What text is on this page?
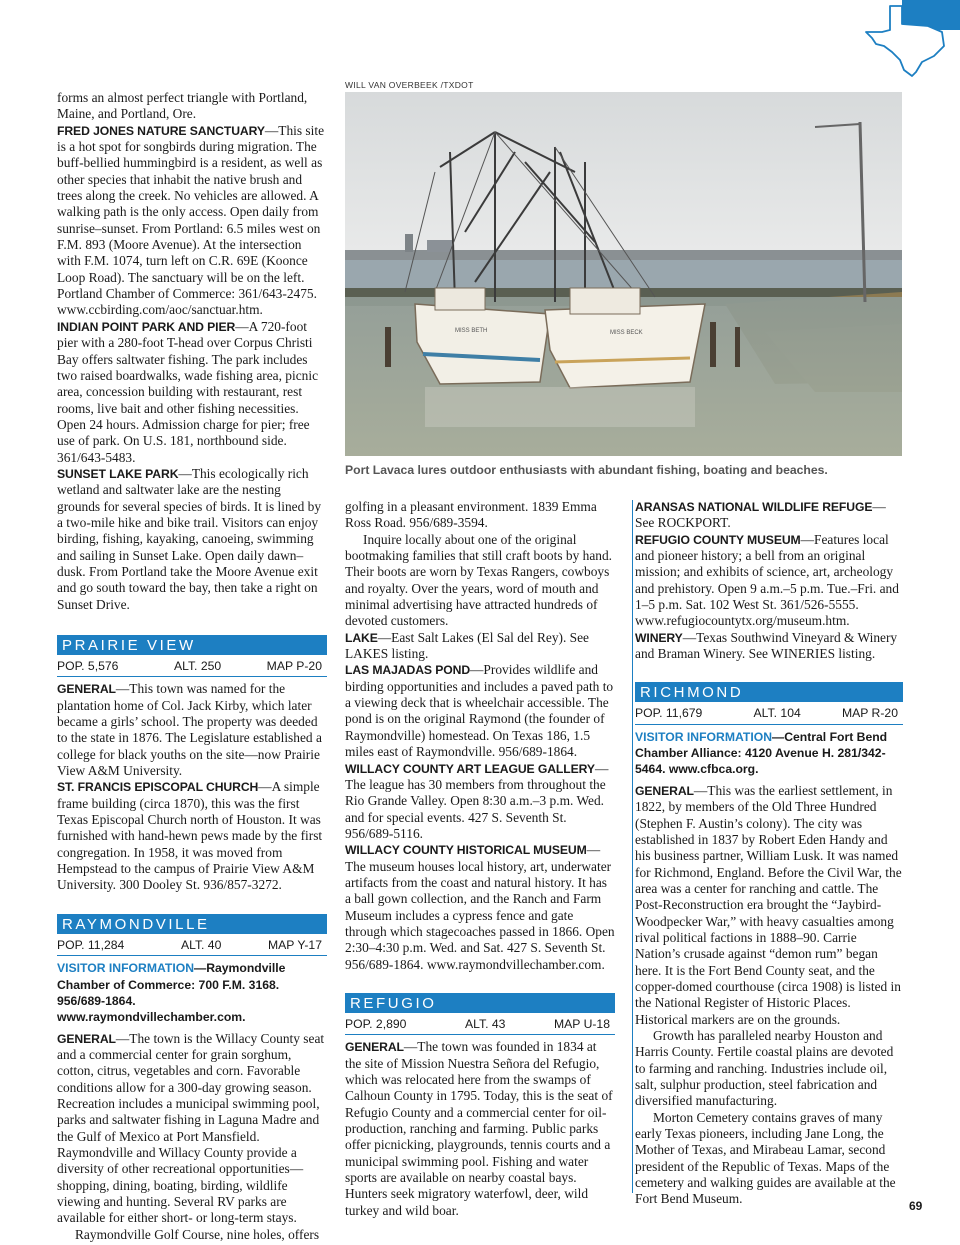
WILL VAN OVERBEEK /TXDOT
MISS BETH	MISS BECK
Port Lavaca lures outdoor enthusiasts with abundant fishing, boating and beaches.

forms an almost perfect triangle with Portland, Maine, and Portland, Ore.

FRED JONES NATURE SANCTUARY—This site is a hot spot for songbirds during migration. The buff-bellied hummingbird is a resident, as well as other species that inhabit the native brush and trees along the creek. No vehicles are allowed. A walking path is the only access. Open daily from sunrise–sunset. From Portland: 6.5 miles west on F.M. 893 (Moore Avenue). At the intersection with F.M. 1074, turn left on C.R. 69E (Koonce Loop Road). The sanctuary will be on the left. Portland Chamber of Commerce: 361/643-2475. www.ccbirding.com/aoc/sanctuar.htm.

INDIAN POINT PARK AND PIER—A 720-foot pier with a 280-foot T-head over Corpus Christi Bay offers saltwater fishing. The park includes two raised boardwalks, wade fishing area, picnic area, concession building with restaurant, rest rooms, live bait and other fishing necessities. Open 24 hours. Admission charge for pier; free use of park. On U.S. 181, northbound side. 361/643-5483.

SUNSET LAKE PARK—This ecologically rich wetland and saltwater lake are the nesting grounds for several species of birds. It is lined by a two-mile hike and bike trail. Visitors can enjoy birding, fishing, kayaking, canoeing, swimming and sailing in Sunset Lake. Open daily dawn–dusk. From Portland take the Moore Avenue exit and go south toward the bay, then take a right on Sunset Drive.

PRAIRIE VIEW
POP. 5,576	ALT. 250	MAP P-20

GENERAL—This town was named for the plantation home of Col. Jack Kirby, which later became a girls’ school. The property was deeded to the state in 1876. The Legislature established a college for black youths on the site—now Prairie View A&M University.

ST. FRANCIS EPISCOPAL CHURCH—A simple frame building (circa 1870), this was the first Texas Episcopal Church north of Houston. It was furnished with hand-hewn pews made by the first congregation. In 1958, it was moved from Hempstead to the campus of Prairie View A&M University. 300 Dooley St. 936/857-3272.

RAYMONDVILLE
POP. 11,284	ALT. 40	MAP Y-17

VISITOR INFORMATION—Raymondville Chamber of Commerce: 700 F.M. 3168. 956/689-1864. www.raymondvillechamber.com.

GENERAL—The town is the Willacy County seat and a commercial center for grain sorghum, cotton, citrus, vegetables and corn. Favorable conditions allow for a 300-day growing season. Recreation includes a municipal swimming pool, parks and saltwater fishing in Laguna Madre and the Gulf of Mexico at Port Mansfield. Raymondville and Willacy County provide a diversity of other recreational opportunities—shopping, dining, boating, birding, wildlife viewing and hunting. Several RV parks are available for either short- or long-term stays.

Raymondville Golf Course, nine holes, offers

golfing in a pleasant environment. 1839 Emma Ross Road. 956/689-3594.

Inquire locally about one of the original bootmaking families that still craft boots by hand. Their boots are worn by Texas Rangers, cowboys and royalty. Over the years, word of mouth and minimal advertising have attracted hundreds of devoted customers.

LAKE—East Salt Lakes (El Sal del Rey). See LAKES listing.

LAS MAJADAS POND—Provides wildlife and birding opportunities and includes a paved path to a viewing deck that is wheelchair accessible. The pond is on the original Raymond (the founder of Raymondville) homestead. On Texas 186, 1.5 miles east of Raymondville. 956/689-1864.

WILLACY COUNTY ART LEAGUE GALLERY—The league has 30 members from throughout the Rio Grande Valley. Open 8:30 a.m.–3 p.m. Wed. and for special events. 427 S. Seventh St. 956/689-5116.

WILLACY COUNTY HISTORICAL MUSEUM—The museum houses local history, art, underwater artifacts from the coast and natural history. It has a ball gown collection, and the Ranch and Farm Museum includes a cypress fence and gate through which stagecoaches passed in 1866. Open 2:30–4:30 p.m. Wed. and Sat. 427 S. Seventh St. 956/689-1864. www.raymondvillechamber.com.

REFUGIO
POP. 2,890	ALT. 43	MAP U-18

GENERAL—The town was founded in 1834 at the site of Mission Nuestra Señora del Refugio, which was relocated here from the swamps of Calhoun County in 1795. Today, this is the seat of Refugio County and a commercial center for oil-production, ranching and farming. Public parks offer picnicking, playgrounds, tennis courts and a municipal swimming pool. Fishing and water sports are available on nearby coastal bays. Hunters seek migratory waterfowl, deer, wild turkey and wild boar.

ARANSAS NATIONAL WILDLIFE REFUGE—See ROCKPORT.

REFUGIO COUNTY MUSEUM—Features local and pioneer history; a bell from an original mission; and exhibits of science, art, archeology and prehistory. Open 9 a.m.–5 p.m. Tue.–Fri. and 1–5 p.m. Sat. 102 West St. 361/526-5555. www.refugiocountytx.org/museum.htm.

WINERY—Texas Southwind Vineyard & Winery and Braman Winery. See WINERIES listing.

RICHMOND
POP. 11,679	ALT. 104	MAP R-20

VISITOR INFORMATION—Central Fort Bend Chamber Alliance: 4120 Avenue H. 281/342-5464. www.cfbca.org.

GENERAL—This was the earliest settlement, in 1822, by members of the Old Three Hundred (Stephen F. Austin’s colony). The city was established in 1837 by Robert Eden Handy and his business partner, William Lusk. It was named for Richmond, England. Before the Civil War, the area was a center for ranching and cattle. The Post-Reconstruction era brought the “Jaybird-Woodpecker War,” with heavy casualties among rival political factions in 1888–90. Carrie Nation’s crusade against “demon rum” began here. It is the Fort Bend County seat, and the copper-domed courthouse (circa 1908) is listed in the National Register of Historic Places. Historical markers are on the grounds.

Growth has paralleled nearby Houston and Harris County. Fertile coastal plains are devoted to farming and ranching. Industries include oil, salt, sulphur production, steel fabrication and diversified manufacturing.

Morton Cemetery contains graves of many early Texas pioneers, including Jane Long, the Mother of Texas, and Mirabeau Lamar, second president of the Republic of Texas. Maps of the cemetery and walking guides are available at the Fort Bend Museum.	69
